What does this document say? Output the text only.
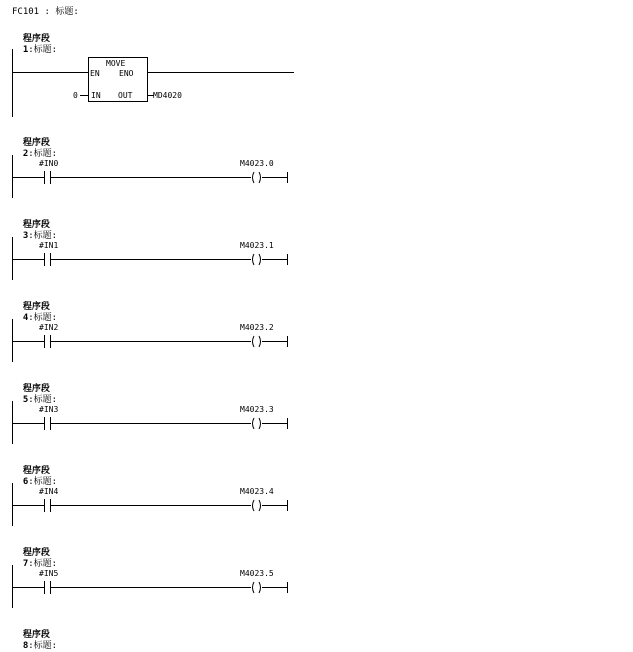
FC101 : 标题:

程序段
1:标题:

程序段
2:标题:

程序段
3:标题:

程序段
4:标题:

程序段
5:标题:

程序段
6:标题:

程序段
7:标题:

程序段
8:标题:

MOVE
EN ENO
IN OUT
0	MD4020
#IN0	M4023.0
#IN1	M4023.1
#IN2	M4023.2
#IN3	M4023.3
#IN4	M4023.4
#IN5	M4023.5
